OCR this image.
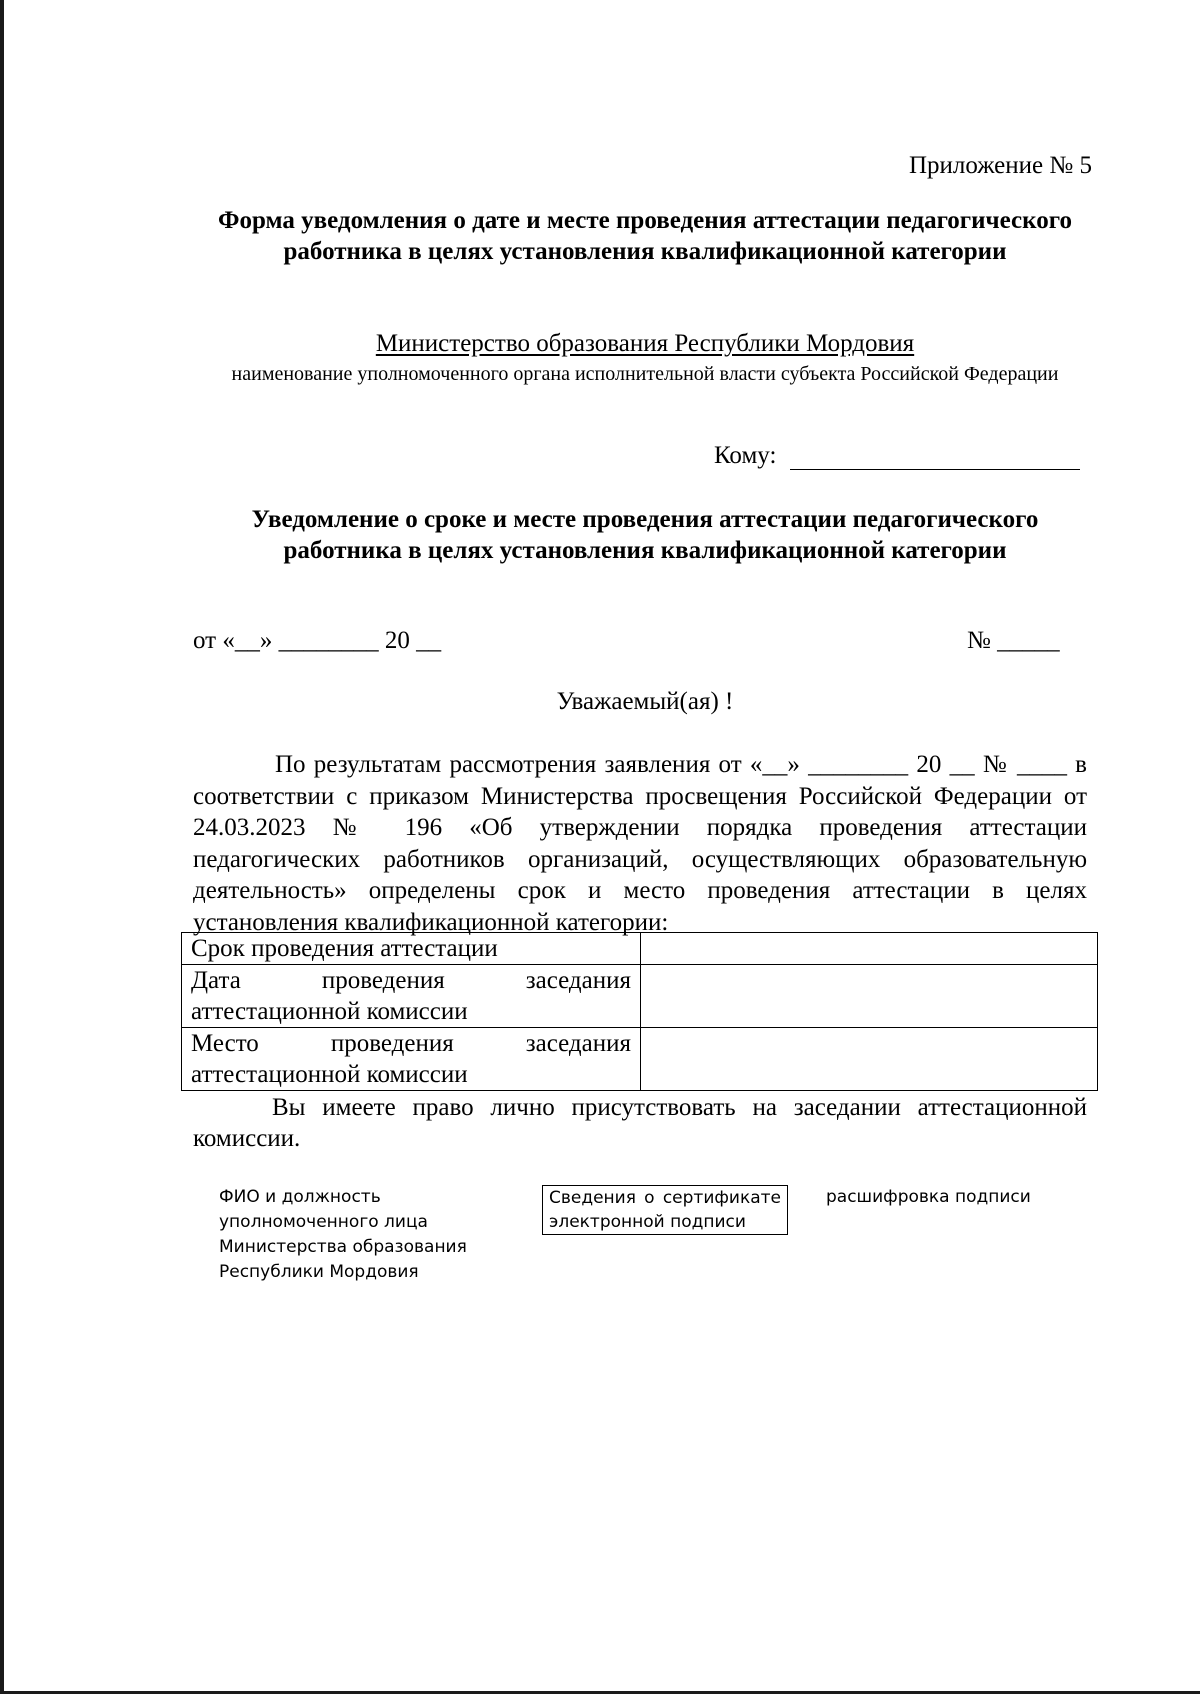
Приложение № 5
Форма уведомления о дате и месте проведения аттестации педагогического работника в целях установления квалификационной категории
Министерство образования Республики Мордовия
наименование уполномоченного органа исполнительной власти субъекта Российской Федерации
Кому:
Уведомление о сроке и месте проведения аттестации педагогического работника в целях установления квалификационной категории
от «__» ________ 20 __	№ _____
Уважаемый(ая) !
По результатам рассмотрения заявления от «__» ________ 20 __ № ____ в соответствии с приказом Министерства просвещения Российской Федерации от 24.03.2023 № 196 «Об утверждении порядка проведения аттестации педагогических работников организаций, осуществляющих образовательную деятельность» определены срок и место проведения аттестации в целях установления квалификационной категории:
Срок проведения аттестации	
Дата проведения заседания аттестационной комиссии	
Место проведения заседания аттестационной комиссии	
Вы имеете право лично присутствовать на заседании аттестационной комиссии.
ФИО и должность уполномоченного лица Министерства образования Республики Мордовия
Сведения о сертификате электронной подписи
расшифровка подписи
